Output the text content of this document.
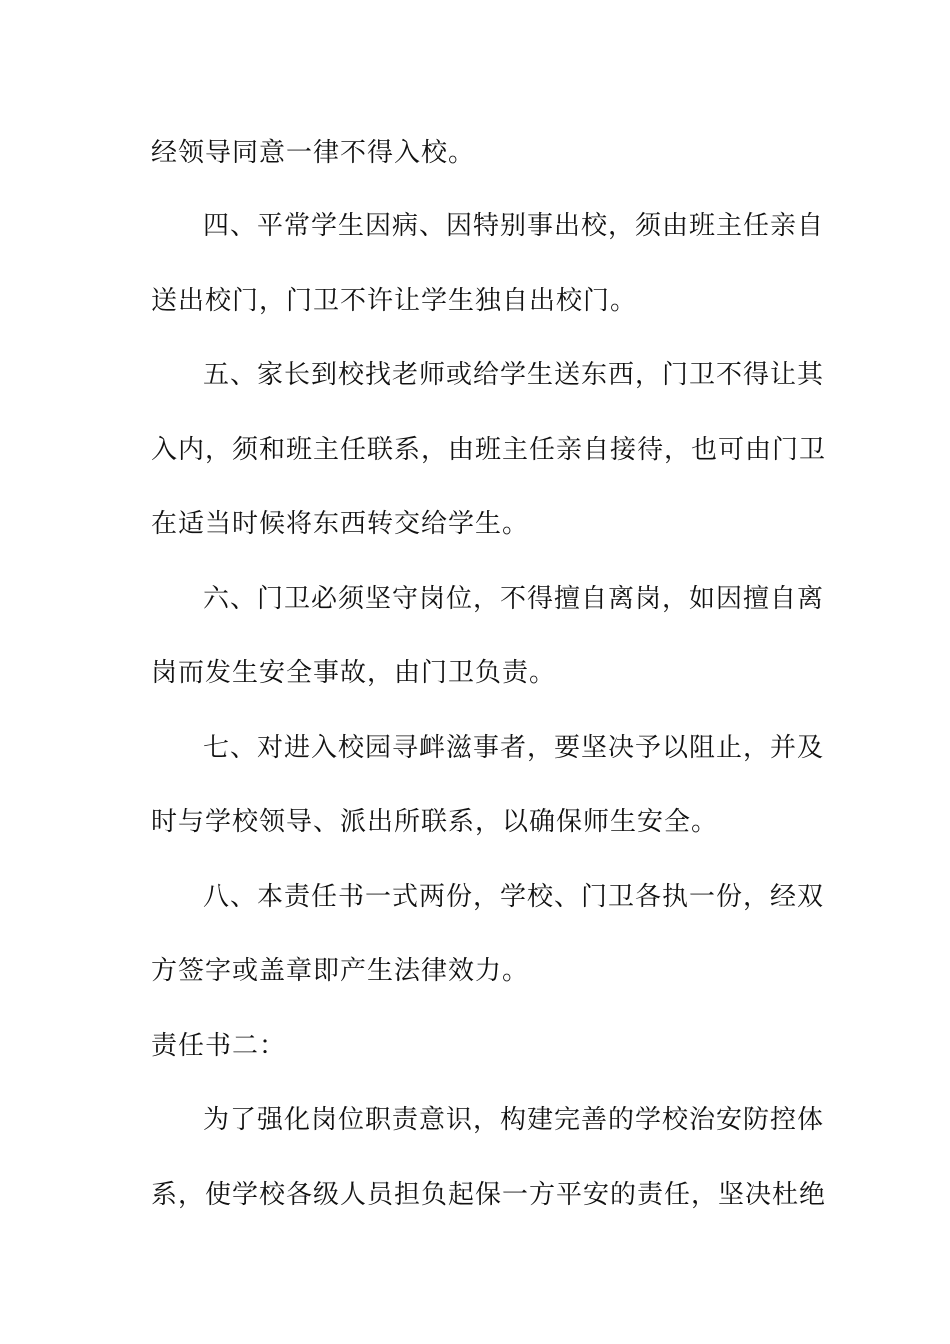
经领导同意一律不得入校。
四、平常学生因病、因特别事出校，须由班主任亲自
送出校门，门卫不许让学生独自出校门。
五、家长到校找老师或给学生送东西，门卫不得让其
入内，须和班主任联系，由班主任亲自接待，也可由门卫
在适当时候将东西转交给学生。
六、门卫必须坚守岗位，不得擅自离岗，如因擅自离
岗而发生安全事故，由门卫负责。
七、对进入校园寻衅滋事者，要坚决予以阻止，并及
时与学校领导、派出所联系，以确保师生安全。
八、本责任书一式两份，学校、门卫各执一份，经双
方签字或盖章即产生法律效力。
责任书二：
为了强化岗位职责意识，构建完善的学校治安防控体
系，使学校各级人员担负起保一方平安的责任，坚决杜绝
